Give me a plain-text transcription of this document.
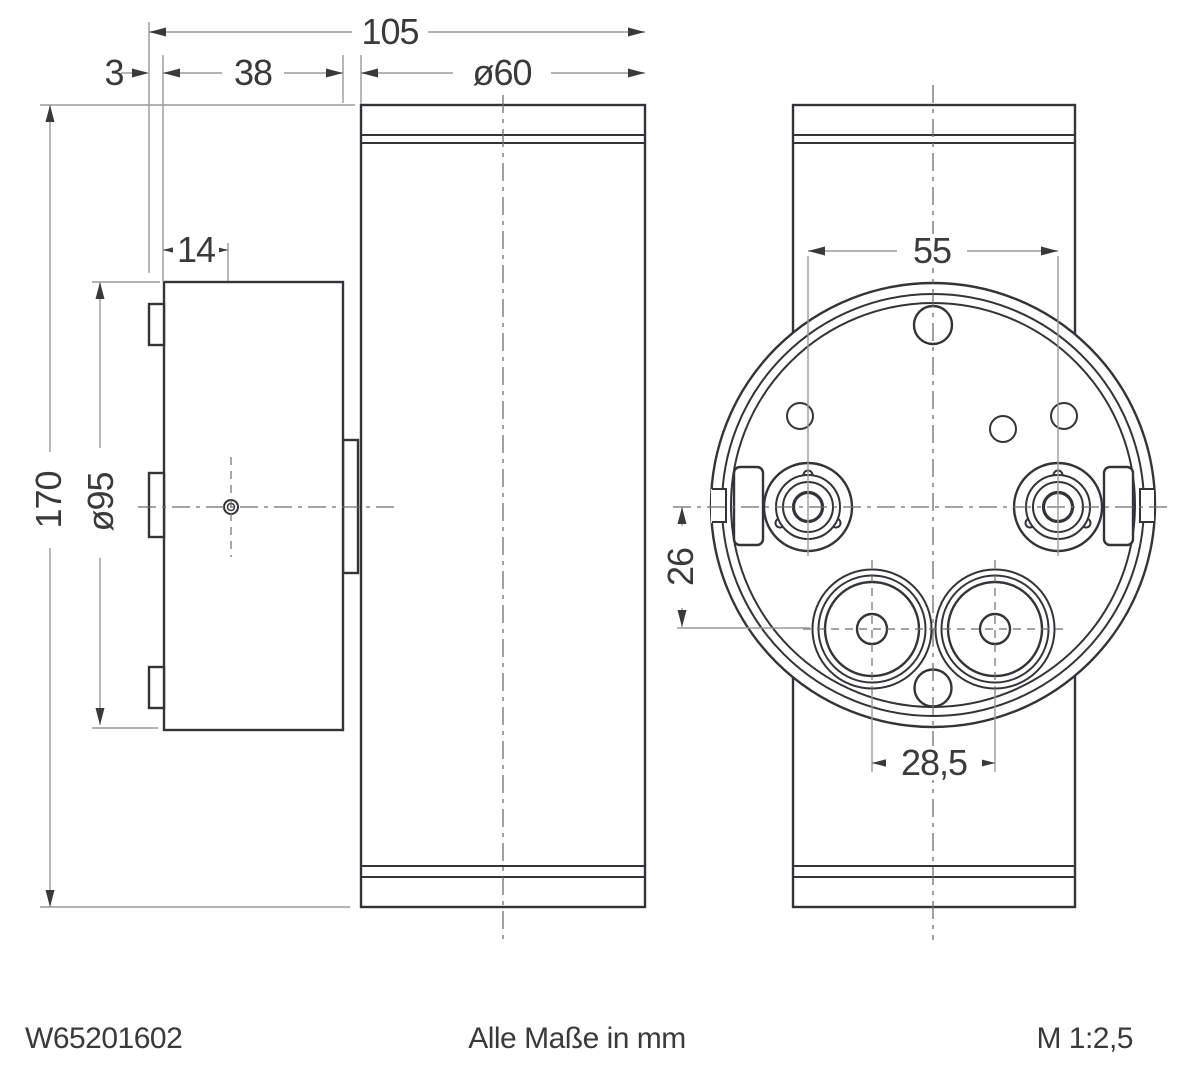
105
3	38	ø60
14
170 ø95
55
26
28,5
W65201602	Alle Maße in mm	M 1:2,5
